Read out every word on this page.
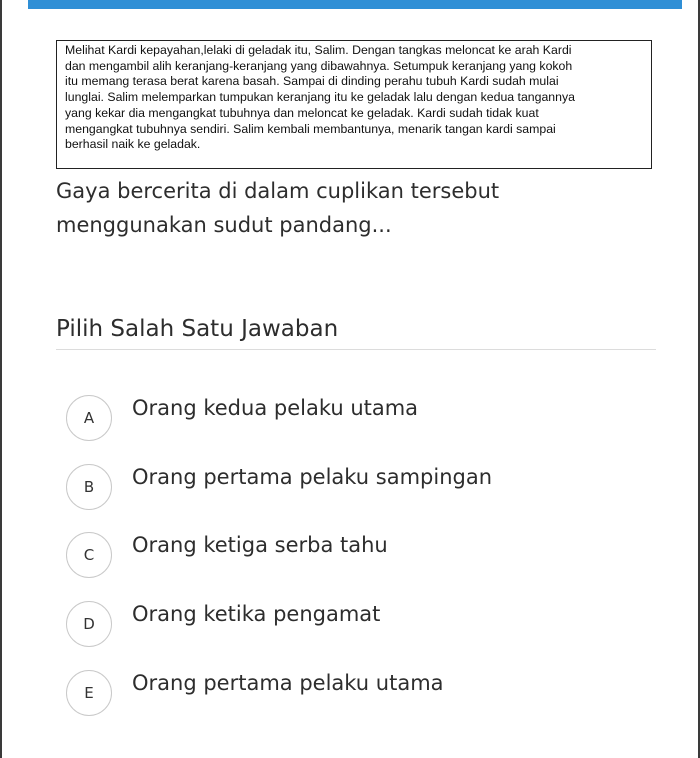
Melihat Kardi kepayahan,lelaki di geladak itu, Salim. Dengan tangkas meloncat ke arah Kardi
dan mengambil alih keranjang-keranjang yang dibawahnya. Setumpuk keranjang yang kokoh
itu memang terasa berat karena basah. Sampai di dinding perahu tubuh Kardi sudah mulai
lunglai. Salim melemparkan tumpukan keranjang itu ke geladak lalu dengan kedua tangannya
yang kekar dia mengangkat tubuhnya dan meloncat ke geladak. Kardi sudah tidak kuat
mengangkat tubuhnya sendiri. Salim kembali membantunya, menarik tangan kardi sampai
berhasil naik ke geladak.
Gaya bercerita di dalam cuplikan tersebut
menggunakan sudut pandang...
Pilih Salah Satu Jawaban
A	Orang kedua pelaku utama
B	Orang pertama pelaku sampingan
C	Orang ketiga serba tahu
D	Orang ketika pengamat
E	Orang pertama pelaku utama
